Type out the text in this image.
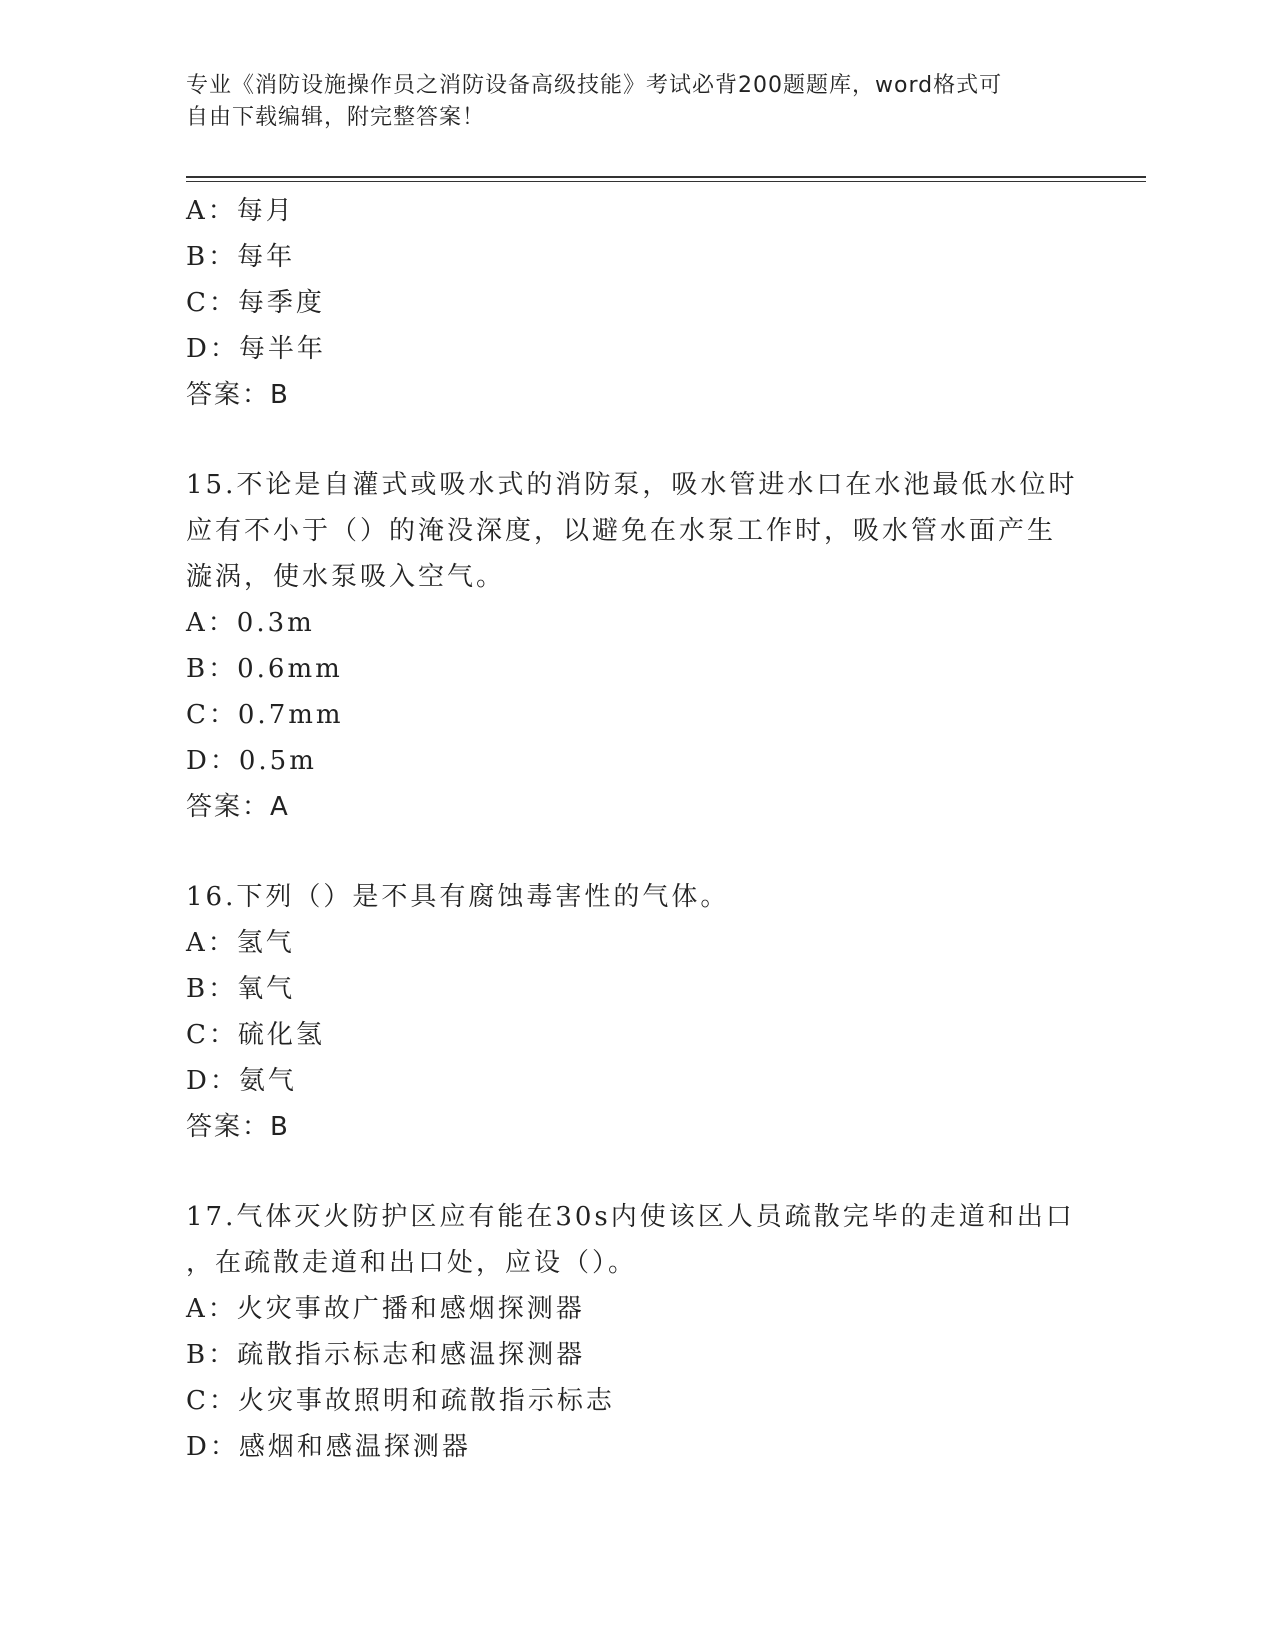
专业《消防设施操作员之消防设备高级技能》考试必背200题题库，word格式可
自由下载编辑，附完整答案！
A：每月
B：每年
C：每季度
D：每半年
答案：B
15.不论是自灌式或吸水式的消防泵，吸水管进水口在水池最低水位时
应有不小于（）的淹没深度，以避免在水泵工作时，吸水管水面产生
漩涡，使水泵吸入空气。
A：0.3m
B：0.6mm
C：0.7mm
D：0.5m
答案：A
16.下列（）是不具有腐蚀毒害性的气体。
A：氢气
B：氧气
C：硫化氢
D：氨气
答案：B
17.气体灭火防护区应有能在30s内使该区人员疏散完毕的走道和出口
，在疏散走道和出口处，应设（）。
A：火灾事故广播和感烟探测器
B：疏散指示标志和感温探测器
C：火灾事故照明和疏散指示标志
D：感烟和感温探测器
